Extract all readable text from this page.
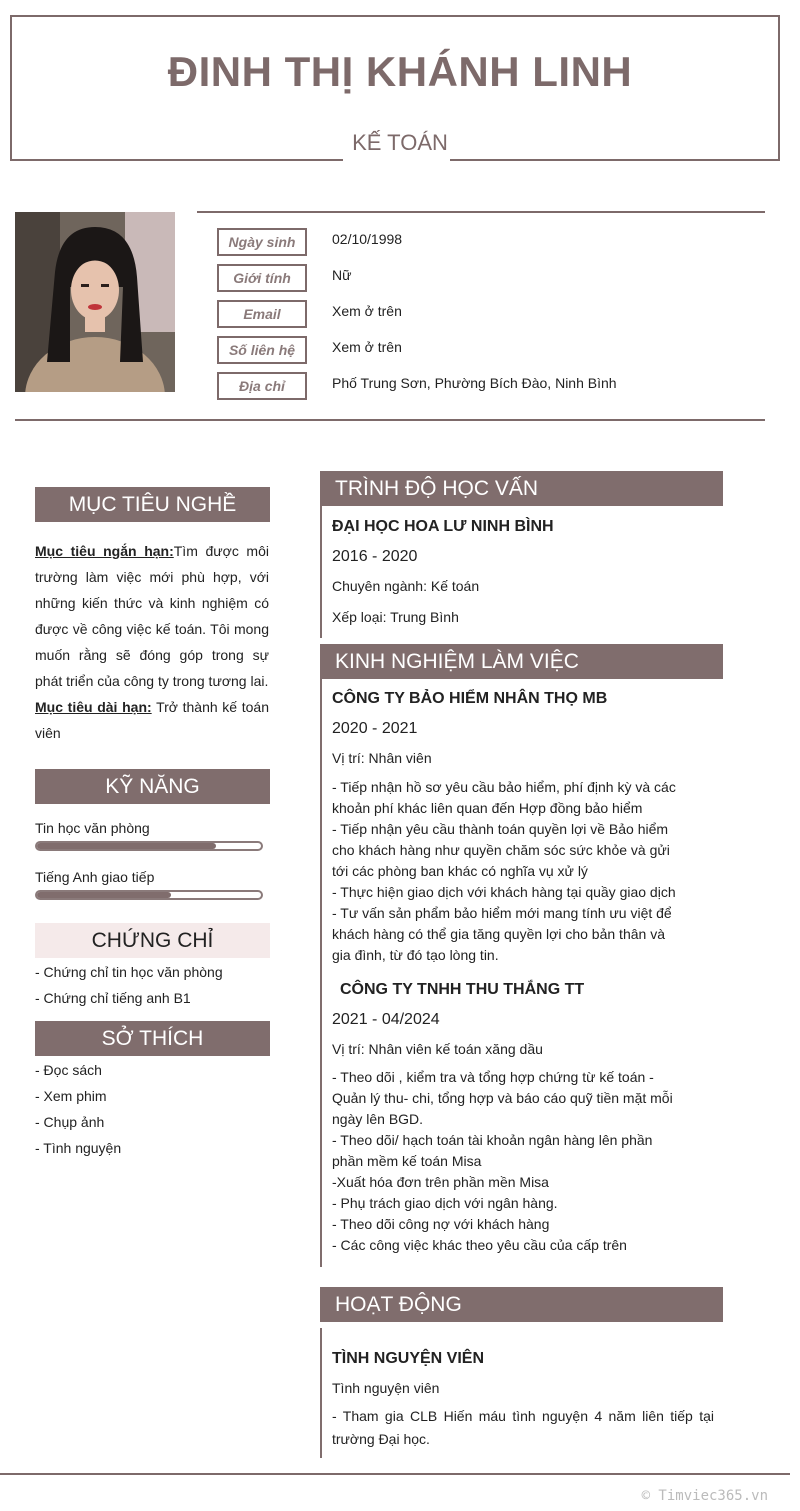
ĐINH THỊ KHÁNH LINH
KẾ TOÁN
Ngày sinh	02/10/1998
Giới tính	Nữ
Email	Xem ở trên
Số liên hệ	Xem ở trên
Địa chỉ	Phố Trung Sơn, Phường Bích Đào, Ninh Bình
MỤC TIÊU NGHỀ NGHIỆP
Mục tiêu ngắn hạn:Tìm được môi trường làm việc mới phù hợp, với những kiến thức và kinh nghiệm có được về công việc kế toán. Tôi mong muốn rằng sẽ đóng góp trong sự phát triển của công ty trong tương lai.
Mục tiêu dài hạn: Trở thành kế toán viên
KỸ NĂNG
Tin học văn phòng
Tiếng Anh giao tiếp
CHỨNG CHỈ
- Chứng chỉ tin học văn phòng
- Chứng chỉ tiếng anh B1
SỞ THÍCH
- Đọc sách
- Xem phim
- Chụp ảnh
- Tình nguyện
TRÌNH ĐỘ HỌC VẤN
ĐẠI HỌC HOA LƯ NINH BÌNH
2016 - 2020
Chuyên ngành: Kế toán
Xếp loại: Trung Bình
KINH NGHIỆM LÀM VIỆC
CÔNG TY BẢO HIỂM NHÂN THỌ MB
2020 - 2021
Vị trí: Nhân viên
- Tiếp nhận hồ sơ yêu cầu bảo hiểm, phí định kỳ và các
khoản phí khác liên quan đến Hợp đồng bảo hiểm
- Tiếp nhận yêu cầu thành toán quyền lợi về Bảo hiểm
cho khách hàng như quyền chăm sóc sức khỏe và gửi
tới các phòng ban khác có nghĩa vụ xử lý
- Thực hiện giao dịch với khách hàng tại quầy giao dịch
- Tư vấn sản phẩm bảo hiểm mới mang tính ưu việt để
khách hàng có thể gia tăng quyền lợi cho bản thân và
gia đình, từ đó tạo lòng tin.
CÔNG TY TNHH THU THẮNG TT
2021 - 04/2024
Vị trí: Nhân viên kế toán xăng dầu
- Theo dõi , kiểm tra và tổng hợp chứng từ kế toán -
Quản lý thu- chi, tổng hợp và báo cáo quỹ tiền mặt mỗi
ngày lên BGD.
- Theo dõi/ hạch toán tài khoản ngân hàng lên phần
phần mềm kế toán Misa
-Xuất hóa đơn trên phần mền Misa
- Phụ trách giao dịch với ngân hàng.
- Theo dõi công nợ với khách hàng
- Các công việc khác theo yêu cầu của cấp trên
HOẠT ĐỘNG
TÌNH NGUYỆN VIÊN
Tình nguyện viên
- Tham gia CLB Hiến máu tình nguyện 4 năm liên tiếp tại trường Đại học.
© Timviec365.vn
